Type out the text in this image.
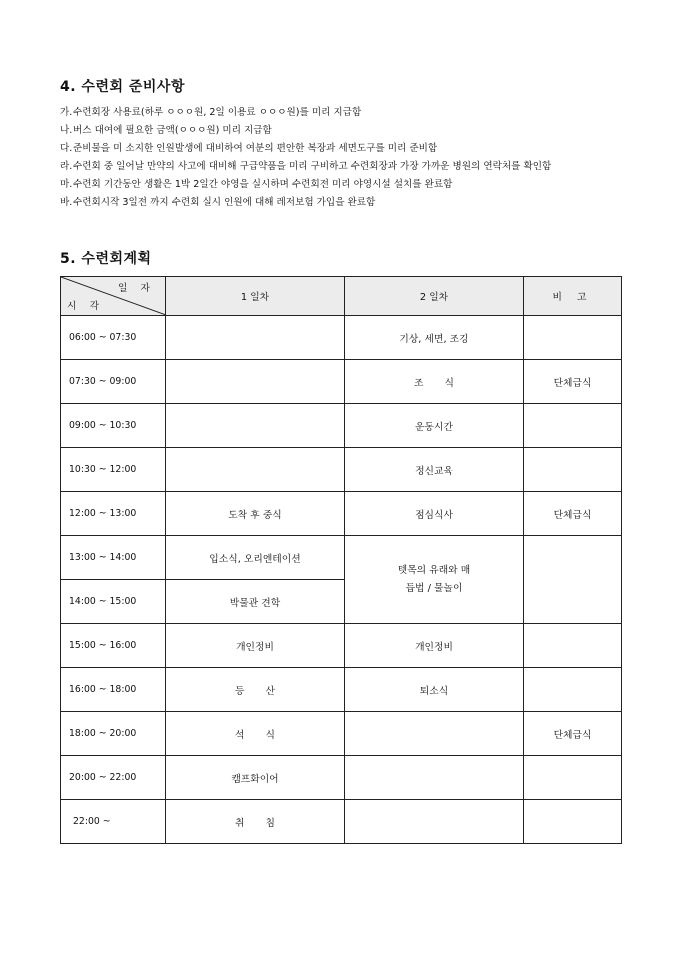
4. 수련회 준비사항
가. 수련회장 사용료(하루 ㅇㅇㅇ원, 2일 이용료 ㅇㅇㅇ원)를 미리 지급함
나. 버스 대여에 필요한 금액(ㅇㅇㅇ원) 미리 지급함
다. 준비물을 미 소지한 인원발생에 대비하여 여분의 편안한 복장과 세면도구를 미리 준비함
라. 수련회 중 일어날 만약의 사고에 대비해 구급약품을 미리 구비하고 수련회장과 가장 가까운 병원의 연락처를 확인함
마. 수련회 기간동안 생활은 1박 2일간 야영을 실시하며 수련회전 미리 야영시설 설치를 완료함
바. 수련회시작 3일전 까지 수련회 실시 인원에 대해 레저보험 가입을 완료함
5. 수련회계획
일 자
시 각	1 일차	2 일차	비 고
06:00 ~ 07:30		기상, 세면, 조깅	
07:30 ~ 09:00		조 식	단체급식
09:00 ~ 10:30		운동시간	
10:30 ~ 12:00		정신교육	
12:00 ~ 13:00	도착 후 중식	점심식사	단체급식
13:00 ~ 14:00	입소식, 오리엔테이션	텟목의 유래와 매듭법 / 물놀이	
14:00 ~ 15:00	박물관 견학		
15:00 ~ 16:00	개인정비	개인정비	
16:00 ~ 18:00	등 산	퇴소식	
18:00 ~ 20:00	석 식		단체급식
20:00 ~ 22:00	캠프화이어		
22:00 ~	취 침		
